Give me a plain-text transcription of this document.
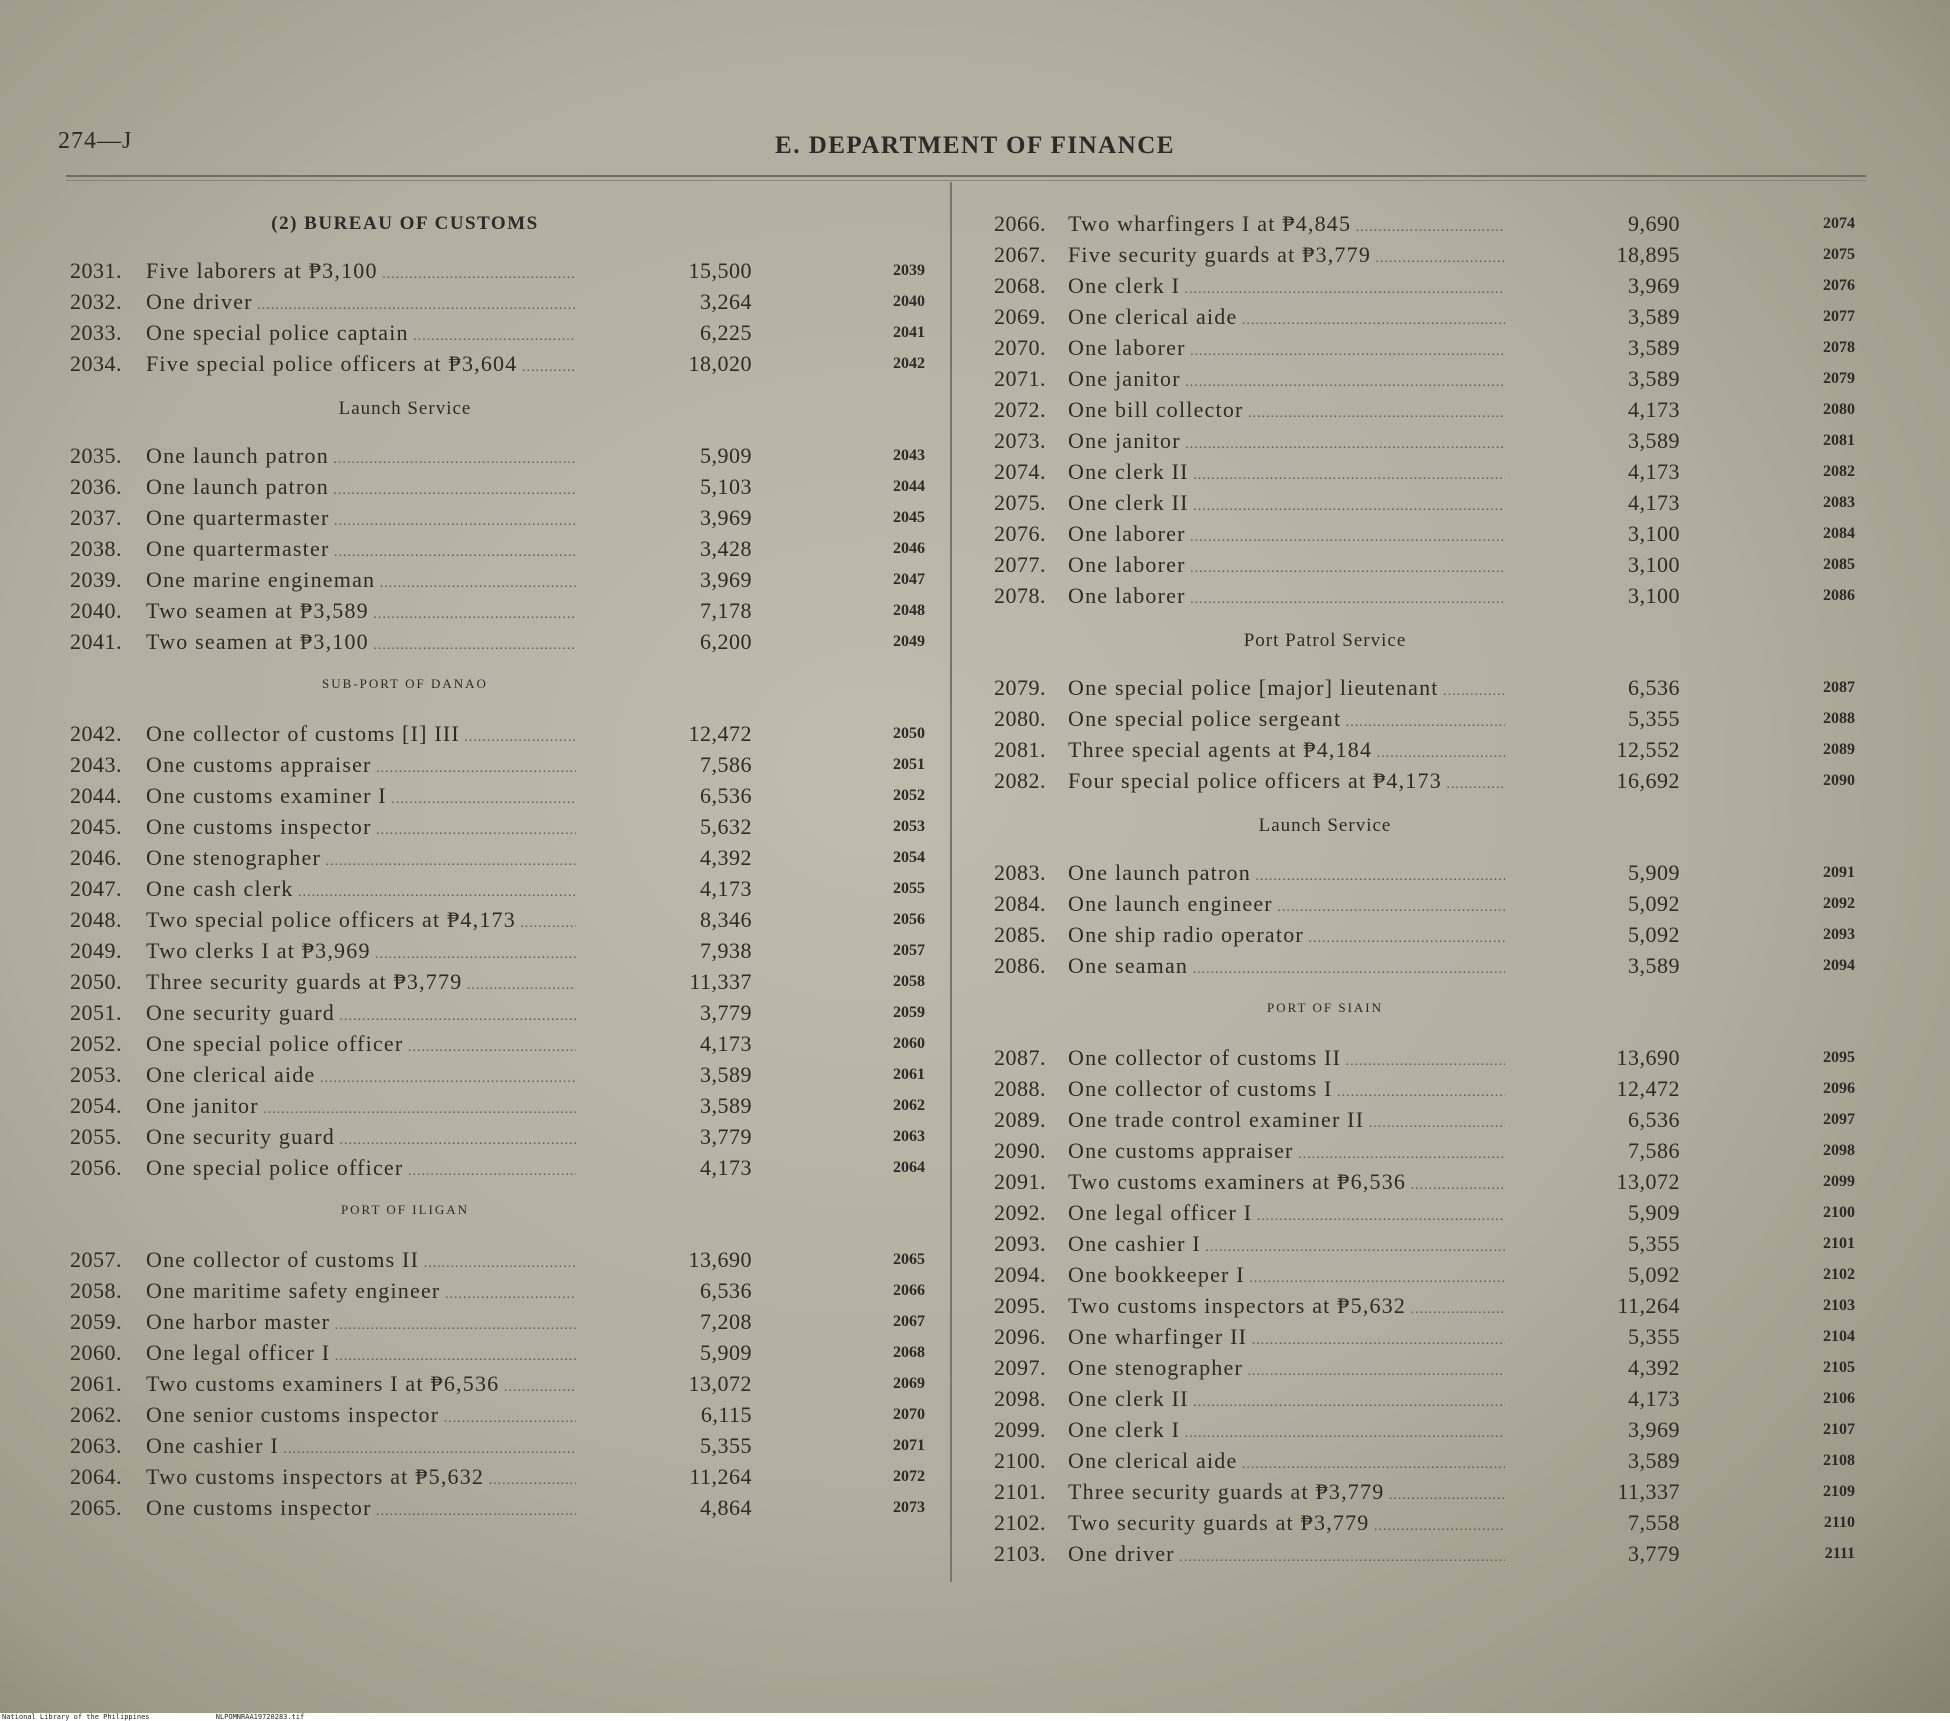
274—J	E. DEPARTMENT OF FINANCE
(2) BUREAU OF CUSTOMS
2031. Five laborers at ₱3,100 .....	15,500	2039
2032. One driver .....	3,264	2040
2033. One special police captain .....	6,225	2041
2034. Five special police officers at ₱3,604 .....	18,020	2042
Launch Service
2035. One launch patron .....	5,909	2043
2036. One launch patron .....	5,103	2044
2037. One quartermaster .....	3,969	2045
2038. One quartermaster .....	3,428	2046
2039. One marine engineman .....	3,969	2047
2040. Two seamen at ₱3,589 .....	7,178	2048
2041. Two seamen at ₱3,100 .....	6,200	2049
SUB-PORT OF DANAO
2042. One collector of customs [I] III .....	12,472	2050
2043. One customs appraiser .....	7,586	2051
2044. One customs examiner I .....	6,536	2052
2045. One customs inspector .....	5,632	2053
2046. One stenographer .....	4,392	2054
2047. One cash clerk .....	4,173	2055
2048. Two special police officers at ₱4,173 .....	8,346	2056
2049. Two clerks I at ₱3,969 .....	7,938	2057
2050. Three security guards at ₱3,779 .....	11,337	2058
2051. One security guard .....	3,779	2059
2052. One special police officer .....	4,173	2060
2053. One clerical aide .....	3,589	2061
2054. One janitor .....	3,589	2062
2055. One security guard .....	3,779	2063
2056. One special police officer .....	4,173	2064
PORT OF ILIGAN
2057. One collector of customs II .....	13,690	2065
2058. One maritime safety engineer .....	6,536	2066
2059. One harbor master .....	7,208	2067
2060. One legal officer I .....	5,909	2068
2061. Two customs examiners I at ₱6,536 .....	13,072	2069
2062. One senior customs inspector .....	6,115	2070
2063. One cashier I .....	5,355	2071
2064. Two customs inspectors at ₱5,632 .....	11,264	2072
2065. One customs inspector .....	4,864	2073
2066. Two wharfingers I at ₱4,845 .....	9,690	2074
2067. Five security guards at ₱3,779 .....	18,895	2075
2068. One clerk I .....	3,969	2076
2069. One clerical aide .....	3,589	2077
2070. One laborer .....	3,589	2078
2071. One janitor .....	3,589	2079
2072. One bill collector .....	4,173	2080
2073. One janitor .....	3,589	2081
2074. One clerk II .....	4,173	2082
2075. One clerk II .....	4,173	2083
2076. One laborer .....	3,100	2084
2077. One laborer .....	3,100	2085
2078. One laborer .....	3,100	2086
Port Patrol Service
2079. One special police [major] lieutenant .....	6,536	2087
2080. One special police sergeant .....	5,355	2088
2081. Three special agents at ₱4,184 .....	12,552	2089
2082. Four special police officers at ₱4,173 .....	16,692	2090
Launch Service
2083. One launch patron .....	5,909	2091
2084. One launch engineer .....	5,092	2092
2085. One ship radio operator .....	5,092	2093
2086. One seaman .....	3,589	2094
PORT OF SIAIN
2087. One collector of customs II .....	13,690	2095
2088. One collector of customs I .....	12,472	2096
2089. One trade control examiner II .....	6,536	2097
2090. One customs appraiser .....	7,586	2098
2091. Two customs examiners at ₱6,536 .....	13,072	2099
2092. One legal officer I .....	5,909	2100
2093. One cashier I .....	5,355	2101
2094. One bookkeeper I .....	5,092	2102
2095. Two customs inspectors at ₱5,632 .....	11,264	2103
2096. One wharfinger II .....	5,355	2104
2097. One stenographer .....	4,392	2105
2098. One clerk II .....	4,173	2106
2099. One clerk I .....	3,969	2107
2100. One clerical aide .....	3,589	2108
2101. Three security guards at ₱3,779 .....	11,337	2109
2102. Two security guards at ₱3,779 .....	7,558	2110
2103. One driver .....	3,779	2111
National Library of the Philippines	NLPOMNRAA19720283.tif
